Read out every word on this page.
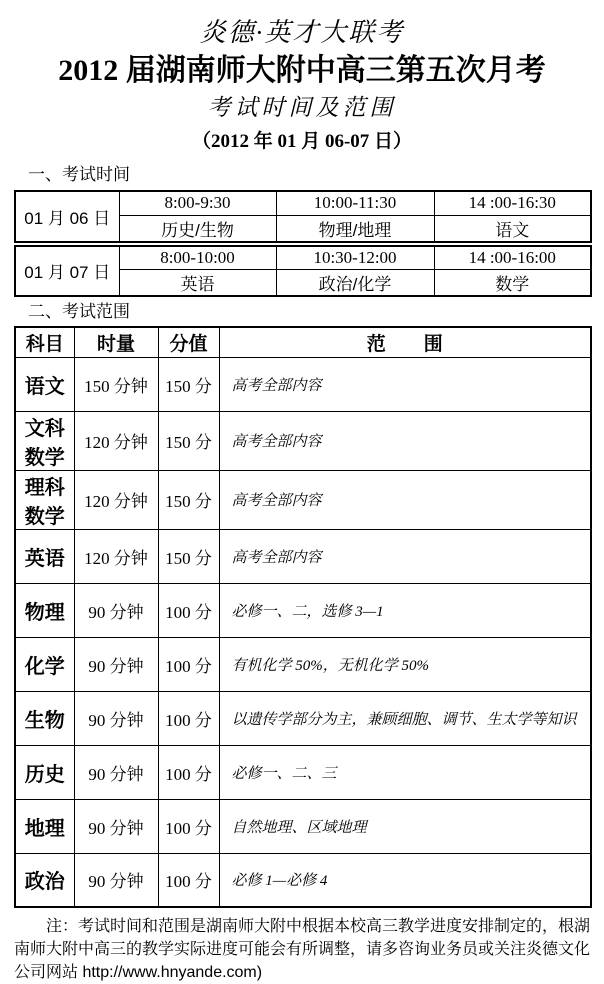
炎德·英才大联考
2012 届湖南师大附中高三第五次月考
考试时间及范围
（2012 年 01 月 06-07 日）
一、考试时间
01 月 06 日	8:00-9:30	10:00-11:30	14 :00-16:30
	历史/生物	物理/地理	语文
01 月 07 日	8:00-10:00	10:30-12:00	14 :00-16:00
	英语	政治/化学	数学
二、考试范围
科目	时量	分值	范　　围
语文	150 分钟	150 分	高考全部内容
文科数学	120 分钟	150 分	高考全部内容
理科数学	120 分钟	150 分	高考全部内容
英语	120 分钟	150 分	高考全部内容
物理	90 分钟	100 分	必修一、二，选修 3—1
化学	90 分钟	100 分	有机化学 50%，无机化学 50%
生物	90 分钟	100 分	以遗传学部分为主，兼顾细胞、调节、生太学等知识
历史	90 分钟	100 分	必修一、二、三
地理	90 分钟	100 分	自然地理、区域地理
政治	90 分钟	100 分	必修 1—必修 4
注：考试时间和范围是湖南师大附中根据本校高三教学进度安排制定的，根湖南师大附中高三的教学实际进度可能会有所调整，请多咨询业务员或关注炎德文化公司网站 http://www.hnyande.com)
